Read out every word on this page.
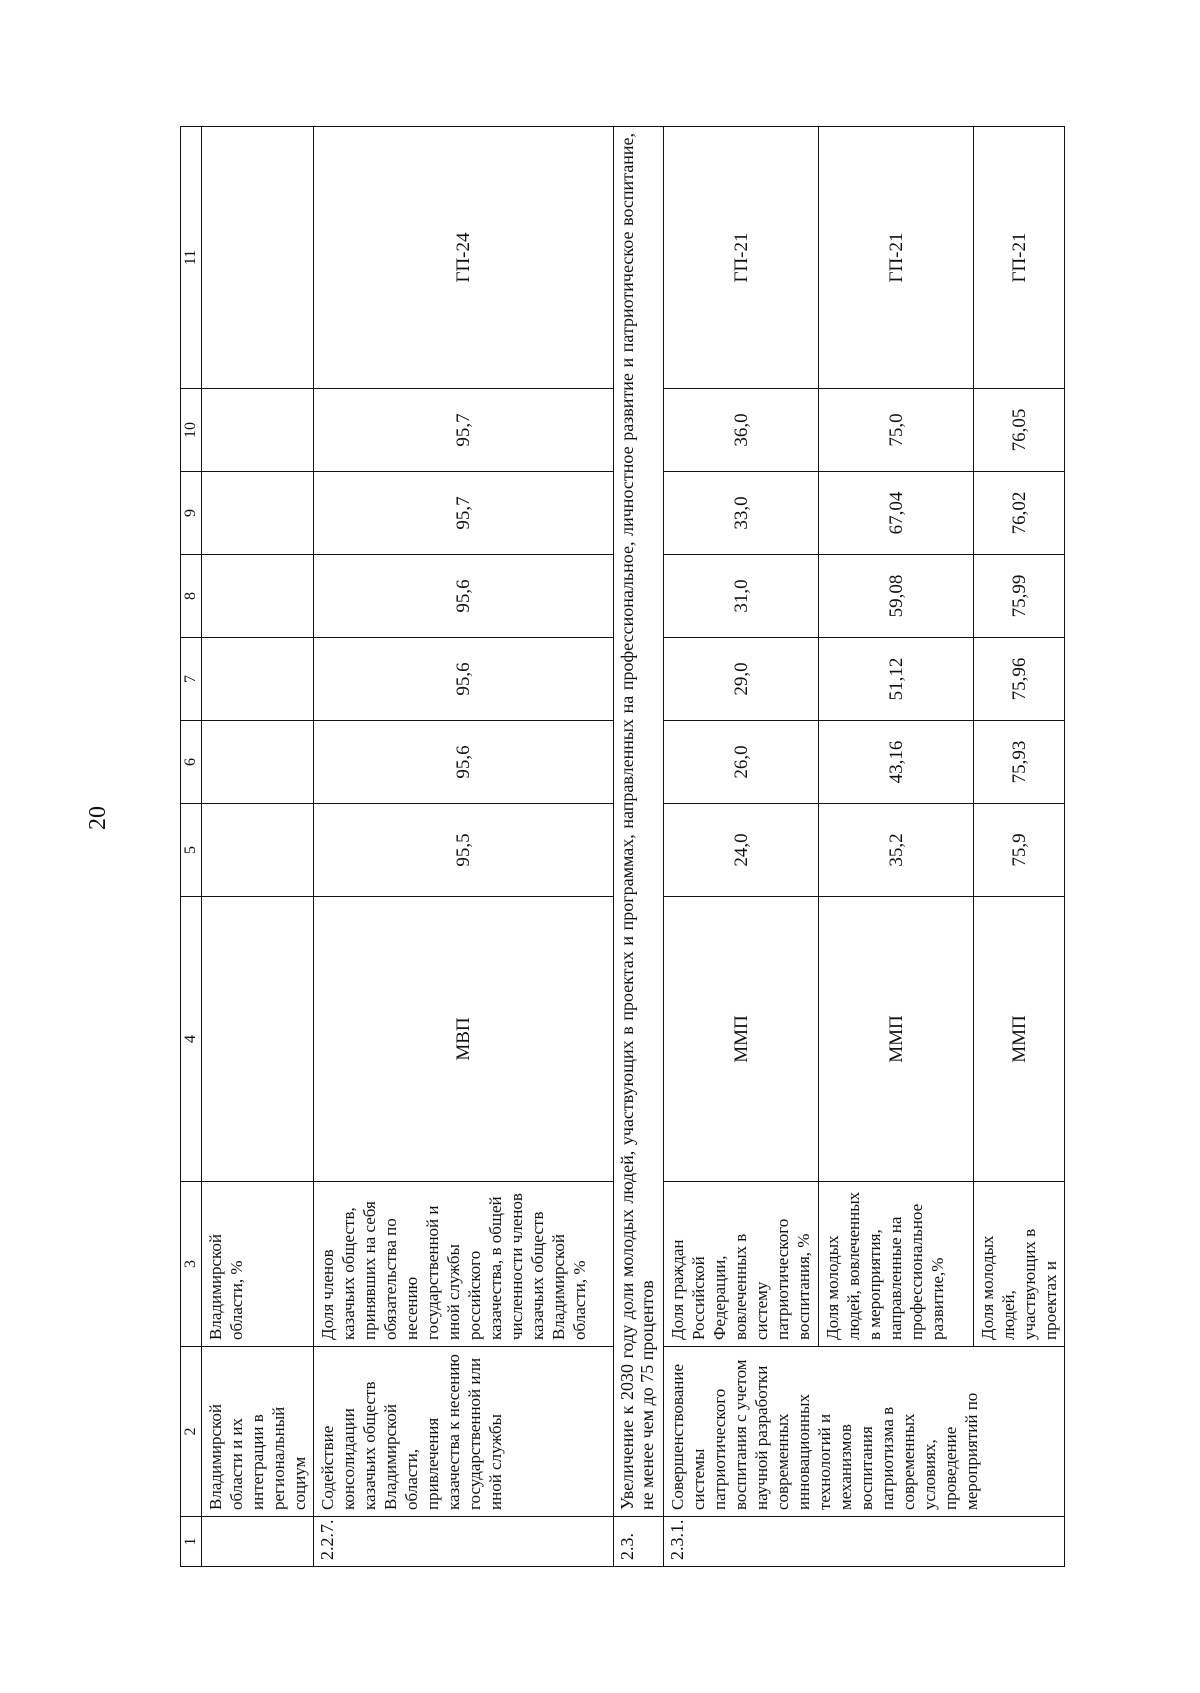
20
1	2	3	4	5	6	7	8	9	10	11
	Владимирской области и их интеграции в региональный социум	Владимирской области, %								
2.2.7.	Содействие консолидации казачьих обществ Владимирской области, привлечения казачества к несению государственной или иной службы	Доля членов казачьих обществ, принявших на себя обязательства по несению государственной и иной службы российского казачества, в общей численности членов казачьих обществ Владимирской области, %	МВП	95,5	95,6	95,6	95,6	95,7	95,7	ГП-24
2.3.	Увеличение к 2030 году доли молодых людей, участвующих в проектах и программах, направленных на профессиональное, личностное развитие и патриотическое воспитание, не менее чем до 75 процентов									
2.3.1.	Совершенствование системы патриотического воспитания с учетом научной разработки современных инновационных технологий и механизмов воспитания патриотизма в современных условиях, проведение мероприятий по	Доля граждан Российской Федерации, вовлеченных в систему патриотического воспитания, %	ММП	24,0	26,0	29,0	31,0	33,0	36,0	ГП-21
		Доля молодых людей, вовлеченных в мероприятия, направленные на профессиональное развитие,%	ММП	35,2	43,16	51,12	59,08	67,04	75,0	ГП-21
		Доля молодых людей, участвующих в проектах и	ММП	75,9	75,93	75,96	75,99	76,02	76,05	ГП-21
